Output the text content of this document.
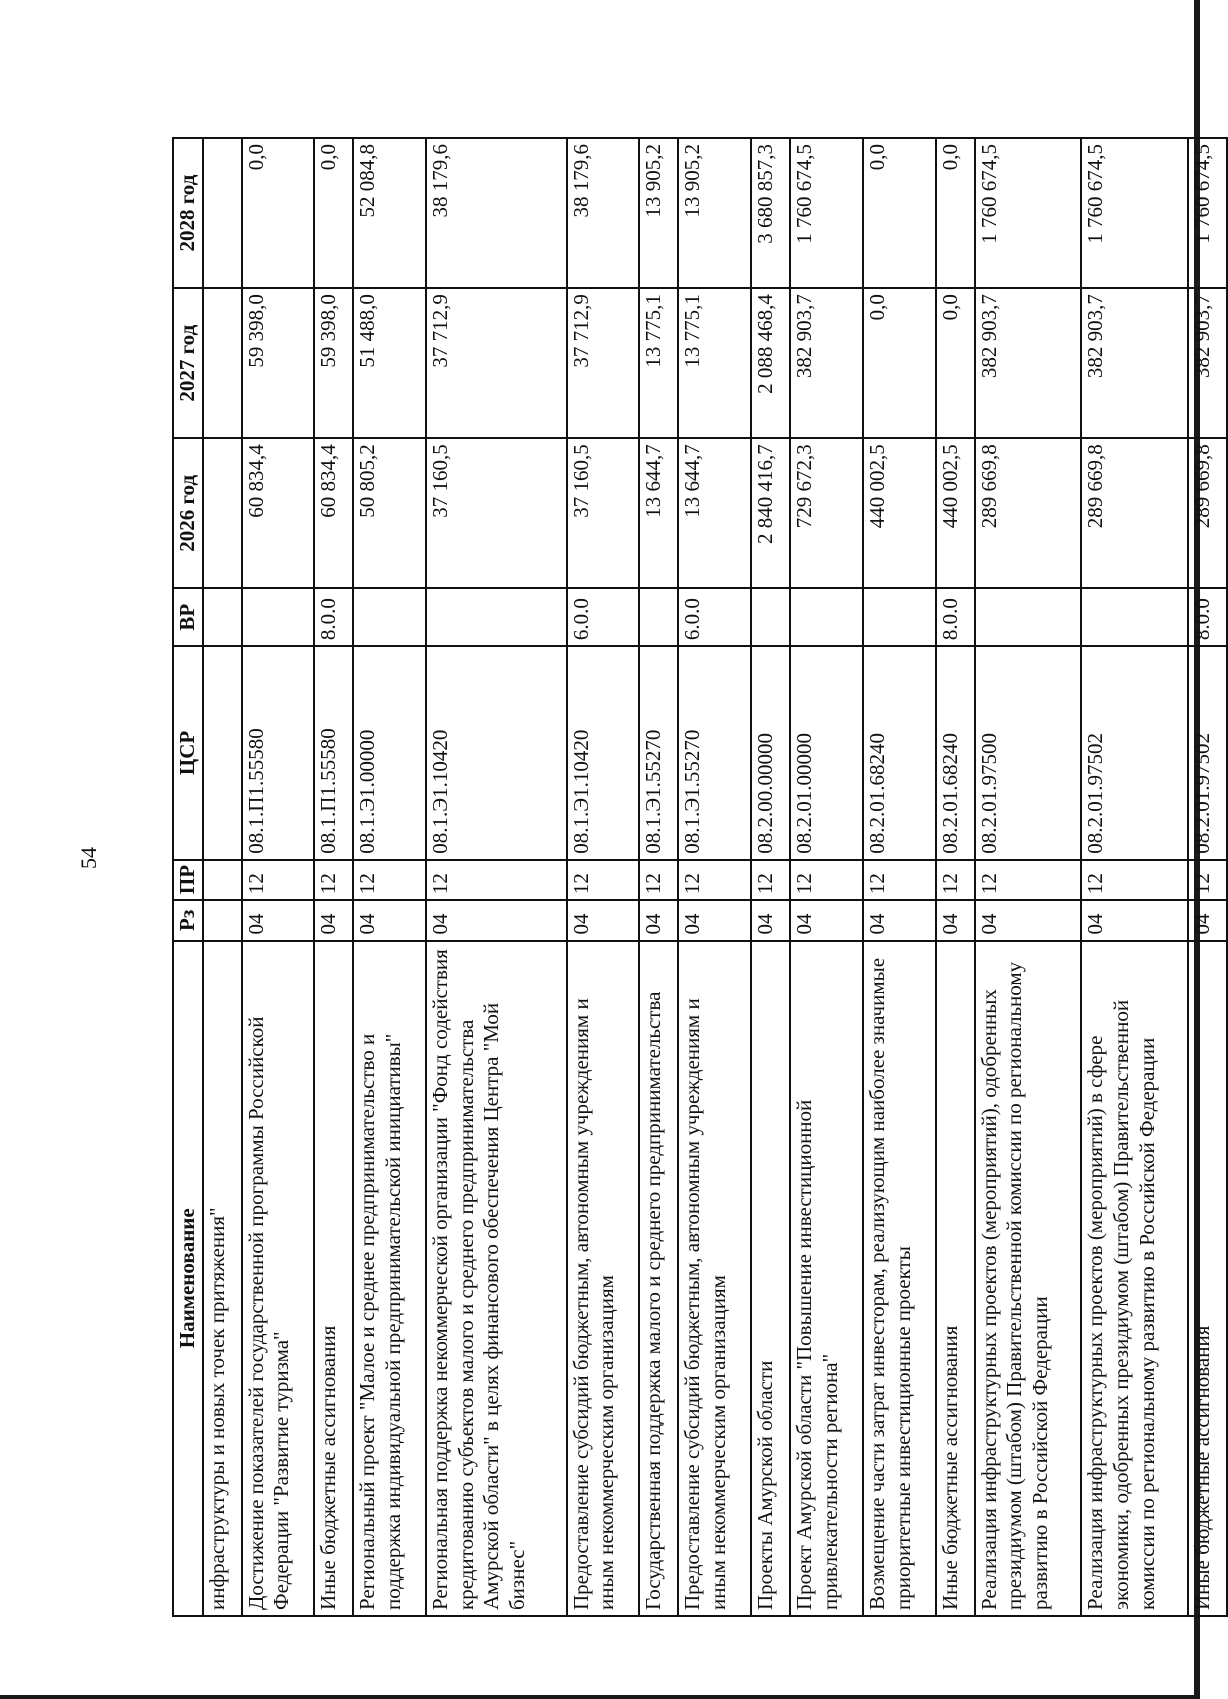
54
Наименование	Рз	ПР	ЦСР	ВР	2026 год	2027 год	2028 год
инфраструктуры и новых точек притяжения"							
Достижение показателей государственной программы Российской Федерации "Развитие туризма"	04	12	08.1.П1.55580		60 834,4	59 398,0	0,0
Иные бюджетные ассигнования	04	12	08.1.П1.55580	8.0.0	60 834,4	59 398,0	0,0
Региональный проект "Малое и среднее предпринимательство и поддержка индивидуальной предпринимательской инициативы"	04	12	08.1.Э1.00000		50 805,2	51 488,0	52 084,8
Региональная поддержка некоммерческой организации "Фонд содействия кредитованию субъектов малого и среднего предпринимательства Амурской области" в целях финансового обеспечения Центра "Мой бизнес"	04	12	08.1.Э1.10420		37 160,5	37 712,9	38 179,6
Предоставление субсидий бюджетным, автономным учреждениям и иным некоммерческим организациям	04	12	08.1.Э1.10420	6.0.0	37 160,5	37 712,9	38 179,6
Государственная поддержка малого и среднего предпринимательства	04	12	08.1.Э1.55270		13 644,7	13 775,1	13 905,2
Предоставление субсидий бюджетным, автономным учреждениям и иным некоммерческим организациям	04	12	08.1.Э1.55270	6.0.0	13 644,7	13 775,1	13 905,2
Проекты Амурской области	04	12	08.2.00.00000		2 840 416,7	2 088 468,4	3 680 857,3
Проект Амурской области "Повышение инвестиционной привлекательности региона"	04	12	08.2.01.00000		729 672,3	382 903,7	1 760 674,5
Возмещение части затрат инвесторам, реализующим наиболее значимые приоритетные инвестиционные проекты	04	12	08.2.01.68240		440 002,5	0,0	0,0
Иные бюджетные ассигнования	04	12	08.2.01.68240	8.0.0	440 002,5	0,0	0,0
Реализация инфраструктурных проектов (мероприятий), одобренных президиумом (штабом) Правительственной комиссии по региональному развитию в Российской Федерации	04	12	08.2.01.97500		289 669,8	382 903,7	1 760 674,5
Реализация инфраструктурных проектов (мероприятий) в сфере экономики, одобренных президиумом (штабом) Правительственной комиссии по региональному развитию в Российской Федерации	04	12	08.2.01.97502		289 669,8	382 903,7	1 760 674,5
Иные бюджетные ассигнования	04	12	08.2.01.97502	8.0.0	289 669,8	382 903,7	1 760 674,5
